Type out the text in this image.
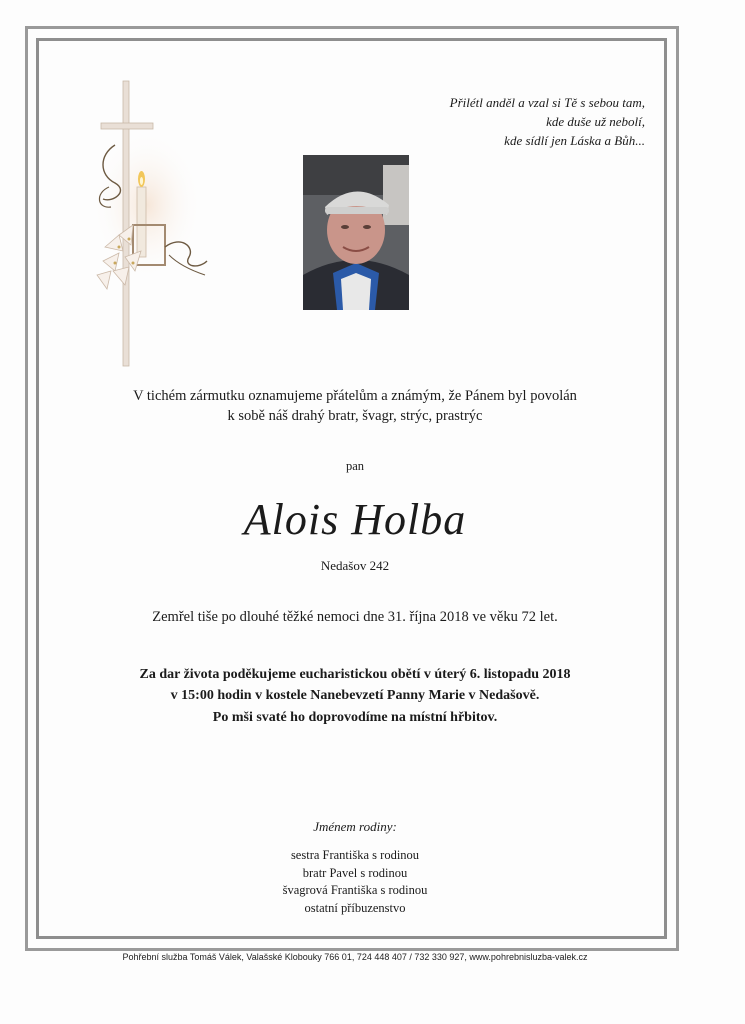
Přilétl anděl a vzal si Tě s sebou tam,
kde duše už nebolí,
kde sídlí jen Láska a Bůh...
V tichém zármutku oznamujeme přátelům a známým, že Pánem byl povolán
k sobě náš drahý bratr, švagr, strýc, prastrýc
pan
Alois Holba
Nedašov 242
Zemřel tiše po dlouhé těžké nemoci dne 31. října 2018 ve věku 72 let.
Za dar života poděkujeme eucharistickou obětí v úterý 6. listopadu 2018
v 15:00 hodin v kostele Nanebevzetí Panny Marie v Nedašově.
Po mši svaté ho doprovodíme na místní hřbitov.
Jménem rodiny:
sestra Františka s rodinou
bratr Pavel s rodinou
švagrová Františka s rodinou
ostatní příbuzenstvo
Pohřební služba Tomáš Válek, Valašské Klobouky 766 01, 724 448 407 / 732 330 927, www.pohrebnisluzba-valek.cz
